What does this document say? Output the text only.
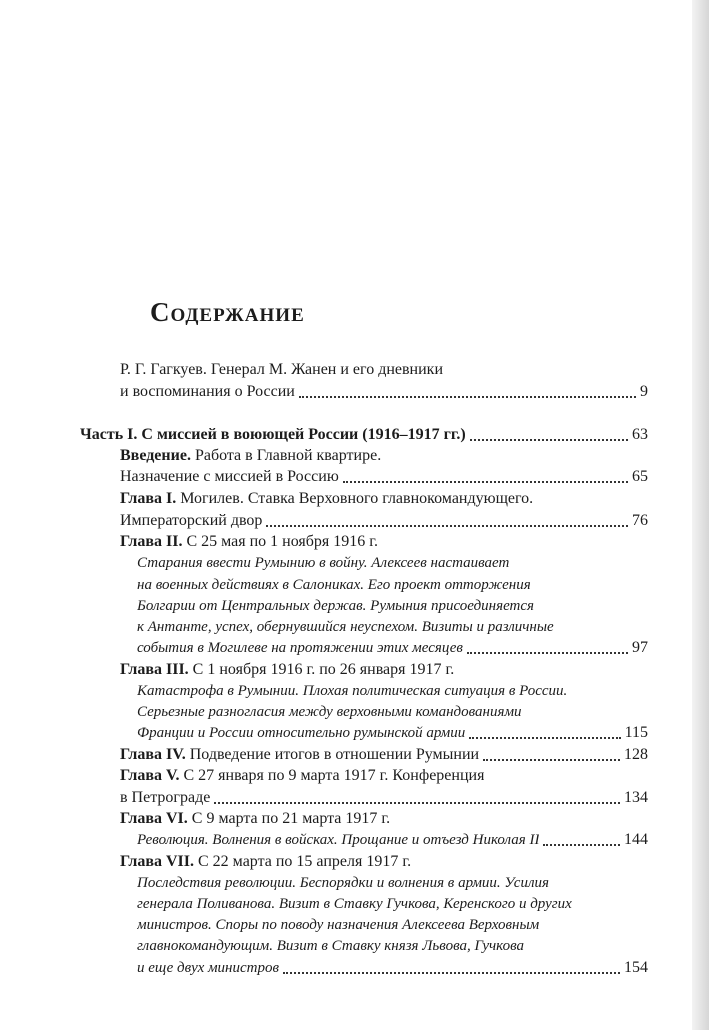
Содержание
Р. Г. Гагкуев. Генерал М. Жанен и его дневники
и воспоминания о России	9
Часть I. С миссией в воюющей России (1916–1917 гг.)	63
Введение. Работа в Главной квартире.
Назначение с миссией в Россию	65
Глава I. Могилев. Ставка Верховного главнокомандующего.
Императорский двор	76
Глава II. С 25 мая по 1 ноября 1916 г.
Старания ввести Румынию в войну. Алексеев настаивает
на военных действиях в Салониках. Его проект отторжения
Болгарии от Центральных держав. Румыния присоединяется
к Антанте, успех, обернувшийся неуспехом. Визиты и различные
события в Могилеве на протяжении этих месяцев	97
Глава III. С 1 ноября 1916 г. по 26 января 1917 г.
Катастрофа в Румынии. Плохая политическая ситуация в России.
Серьезные разногласия между верховными командованиями
Франции и России относительно румынской армии	115
Глава IV. Подведение итогов в отношении Румынии	128
Глава V. С 27 января по 9 марта 1917 г. Конференция
в Петрограде	134
Глава VI. С 9 марта по 21 марта 1917 г.
Революция. Волнения в войсках. Прощание и отъезд Николая II	144
Глава VII. С 22 марта по 15 апреля 1917 г.
Последствия революции. Беспорядки и волнения в армии. Усилия
генерала Поливанова. Визит в Ставку Гучкова, Керенского и других
министров. Споры по поводу назначения Алексеева Верховным
главнокомандующим. Визит в Ставку князя Львова, Гучкова
и еще двух министров	154
